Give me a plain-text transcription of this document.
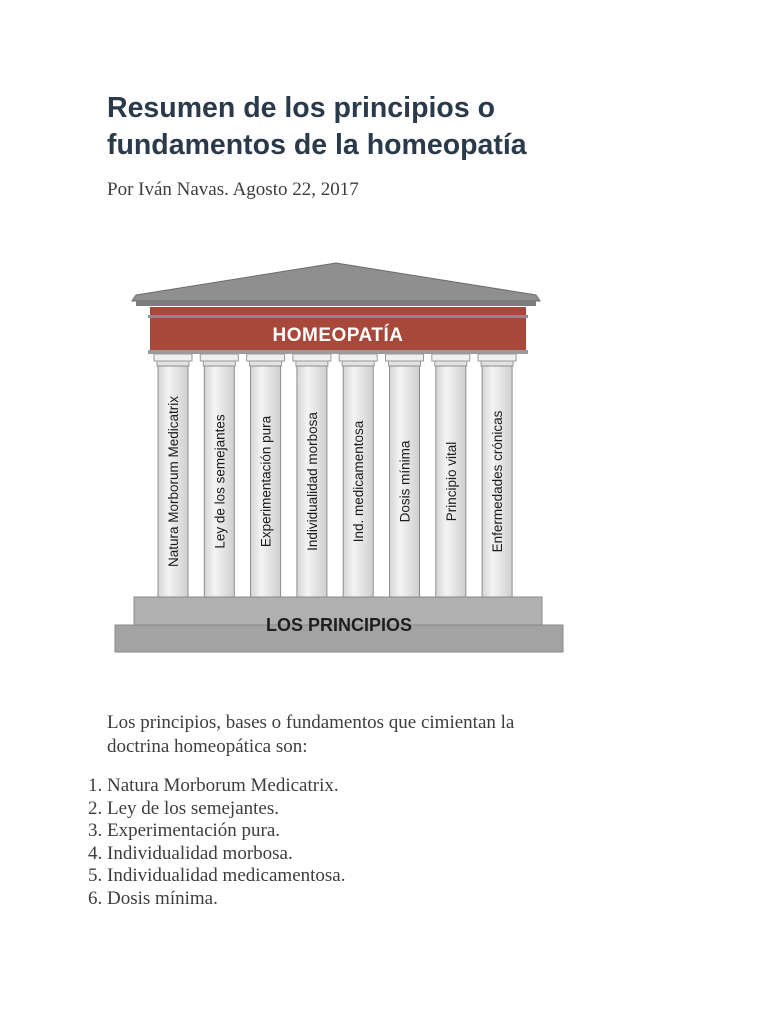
Resumen de los principios o
fundamentos de la homeopatía

Por Iván Navas. Agosto 22, 2017

HOMEOPATÍA
Natura Morborum Medicatrix Ley de los semejantes Experimentación pura Individualidad morbosa Ind. medicamentosa Dosis mínima Principio vital Enfermedades crónicas
LOS PRINCIPIOS

Los principios, bases o fundamentos que cimientan la
doctrina homeopática son:

1. Natura Morborum Medicatrix.
2. Ley de los semejantes.
3. Experimentación pura.
4. Individualidad morbosa.
5. Individualidad medicamentosa.
6. Dosis mínima.
